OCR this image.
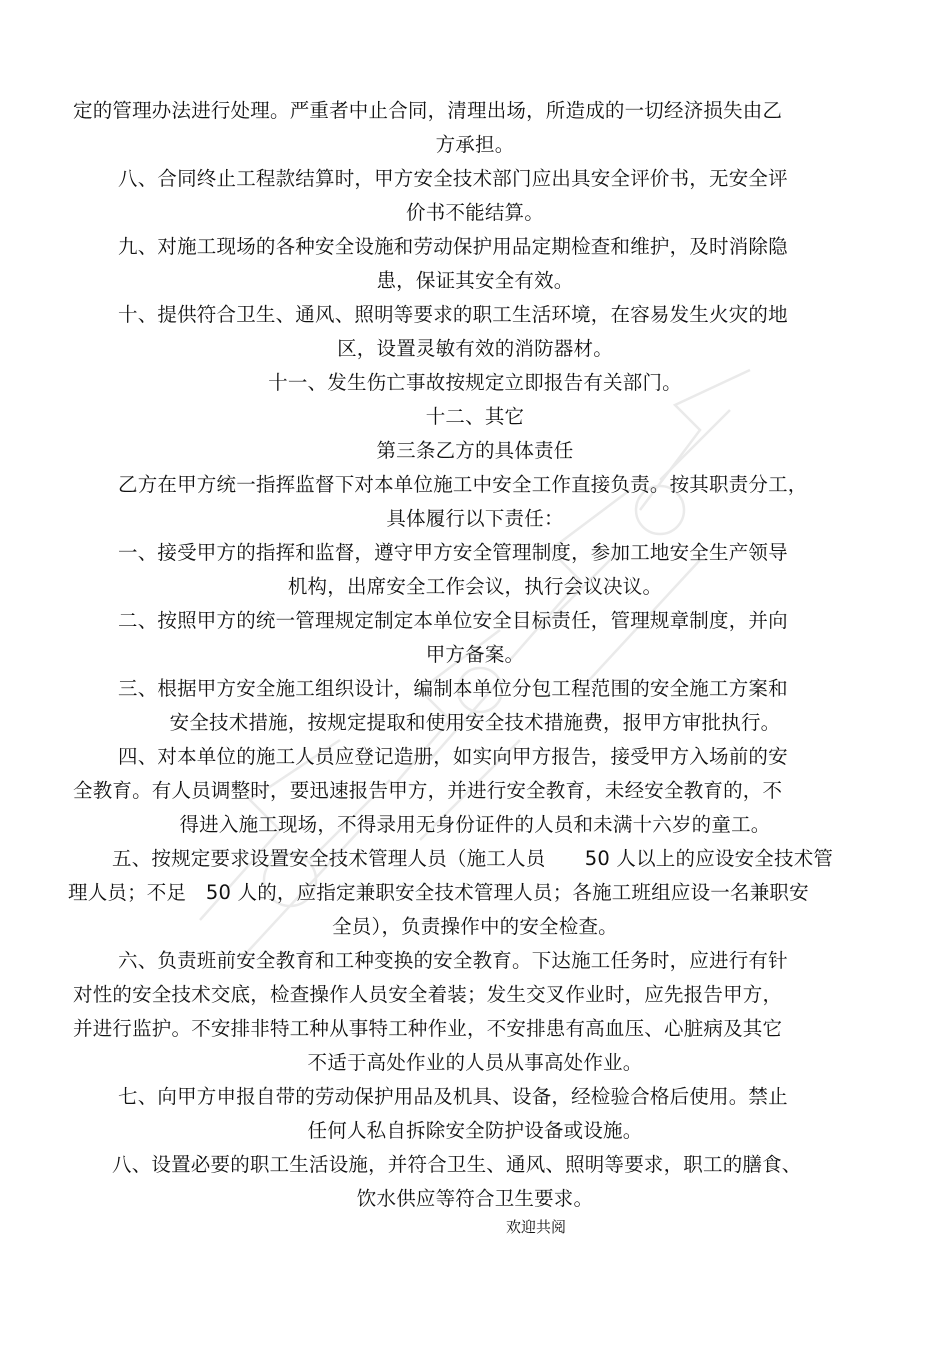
定的管理办法进行处理。严重者中止合同，清理出场，所造成的一切经济损失由乙
方承担。
八、合同终止工程款结算时，甲方安全技术部门应出具安全评价书，无安全评
价书不能结算。
九、对施工现场的各种安全设施和劳动保护用品定期检查和维护，及时消除隐
患，保证其安全有效。
十、提供符合卫生、通风、照明等要求的职工生活环境，在容易发生火灾的地
区，设置灵敏有效的消防器材。
十一、发生伤亡事故按规定立即报告有关部门。
十二、其它
第三条乙方的具体责任
乙方在甲方统一指挥监督下对本单位施工中安全工作直接负责。按其职责分工，
具体履行以下责任：
一、接受甲方的指挥和监督，遵守甲方安全管理制度，参加工地安全生产领导
机构，出席安全工作会议，执行会议决议。
二、按照甲方的统一管理规定制定本单位安全目标责任，管理规章制度，并向
甲方备案。
三、根据甲方安全施工组织设计，编制本单位分包工程范围的安全施工方案和
安全技术措施，按规定提取和使用安全技术措施费，报甲方审批执行。
四、对本单位的施工人员应登记造册，如实向甲方报告，接受甲方入场前的安
全教育。有人员调整时，要迅速报告甲方，并进行安全教育，未经安全教育的，不
得进入施工现场，不得录用无身份证件的人员和未满十六岁的童工。
五、按规定要求设置安全技术管理人员（施工人员　　50 人以上的应设安全技术管
理人员；不足　50 人的，应指定兼职安全技术管理人员；各施工班组应设一名兼职安
全员），负责操作中的安全检查。
六、负责班前安全教育和工种变换的安全教育。下达施工任务时，应进行有针
对性的安全技术交底，检查操作人员安全着装；发生交叉作业时，应先报告甲方，
并进行监护。不安排非特工种从事特工种作业，不安排患有高血压、心脏病及其它
不适于高处作业的人员从事高处作业。
七、向甲方申报自带的劳动保护用品及机具、设备，经检验合格后使用。禁止
任何人私自拆除安全防护设备或设施。
八、设置必要的职工生活设施，并符合卫生、通风、照明等要求，职工的膳食、
饮水供应等符合卫生要求。
欢迎共阅
